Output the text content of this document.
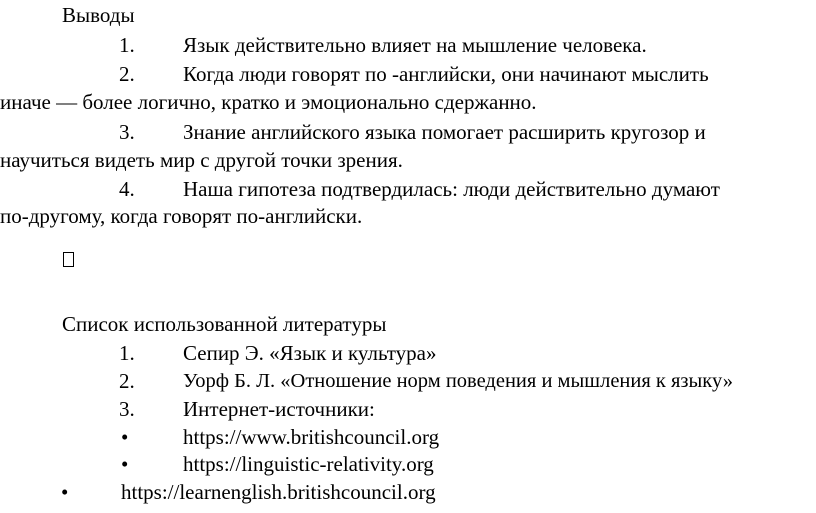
Выводы
1. Язык действительно влияет на мышление человека.
2. Когда люди говорят по -английски, они начинают мыслить
иначе — более логично, кратко и эмоционально сдержанно.
3. Знание английского языка помогает расширить кругозор и
научиться видеть мир с другой точки зрения.
4. Наша гипотеза подтвердилась: люди действительно думают
по-другому, когда говорят по-английски.
Список использованной литературы
1. Сепир Э. «Язык и культура»
2. Уорф Б. Л. «Отношение норм поведения и мышления к языку»
3. Интернет-источники:
•	https://www.britishcouncil.org
•	https://linguistic-relativity.org
•	https://learnenglish.britishcouncil.org
